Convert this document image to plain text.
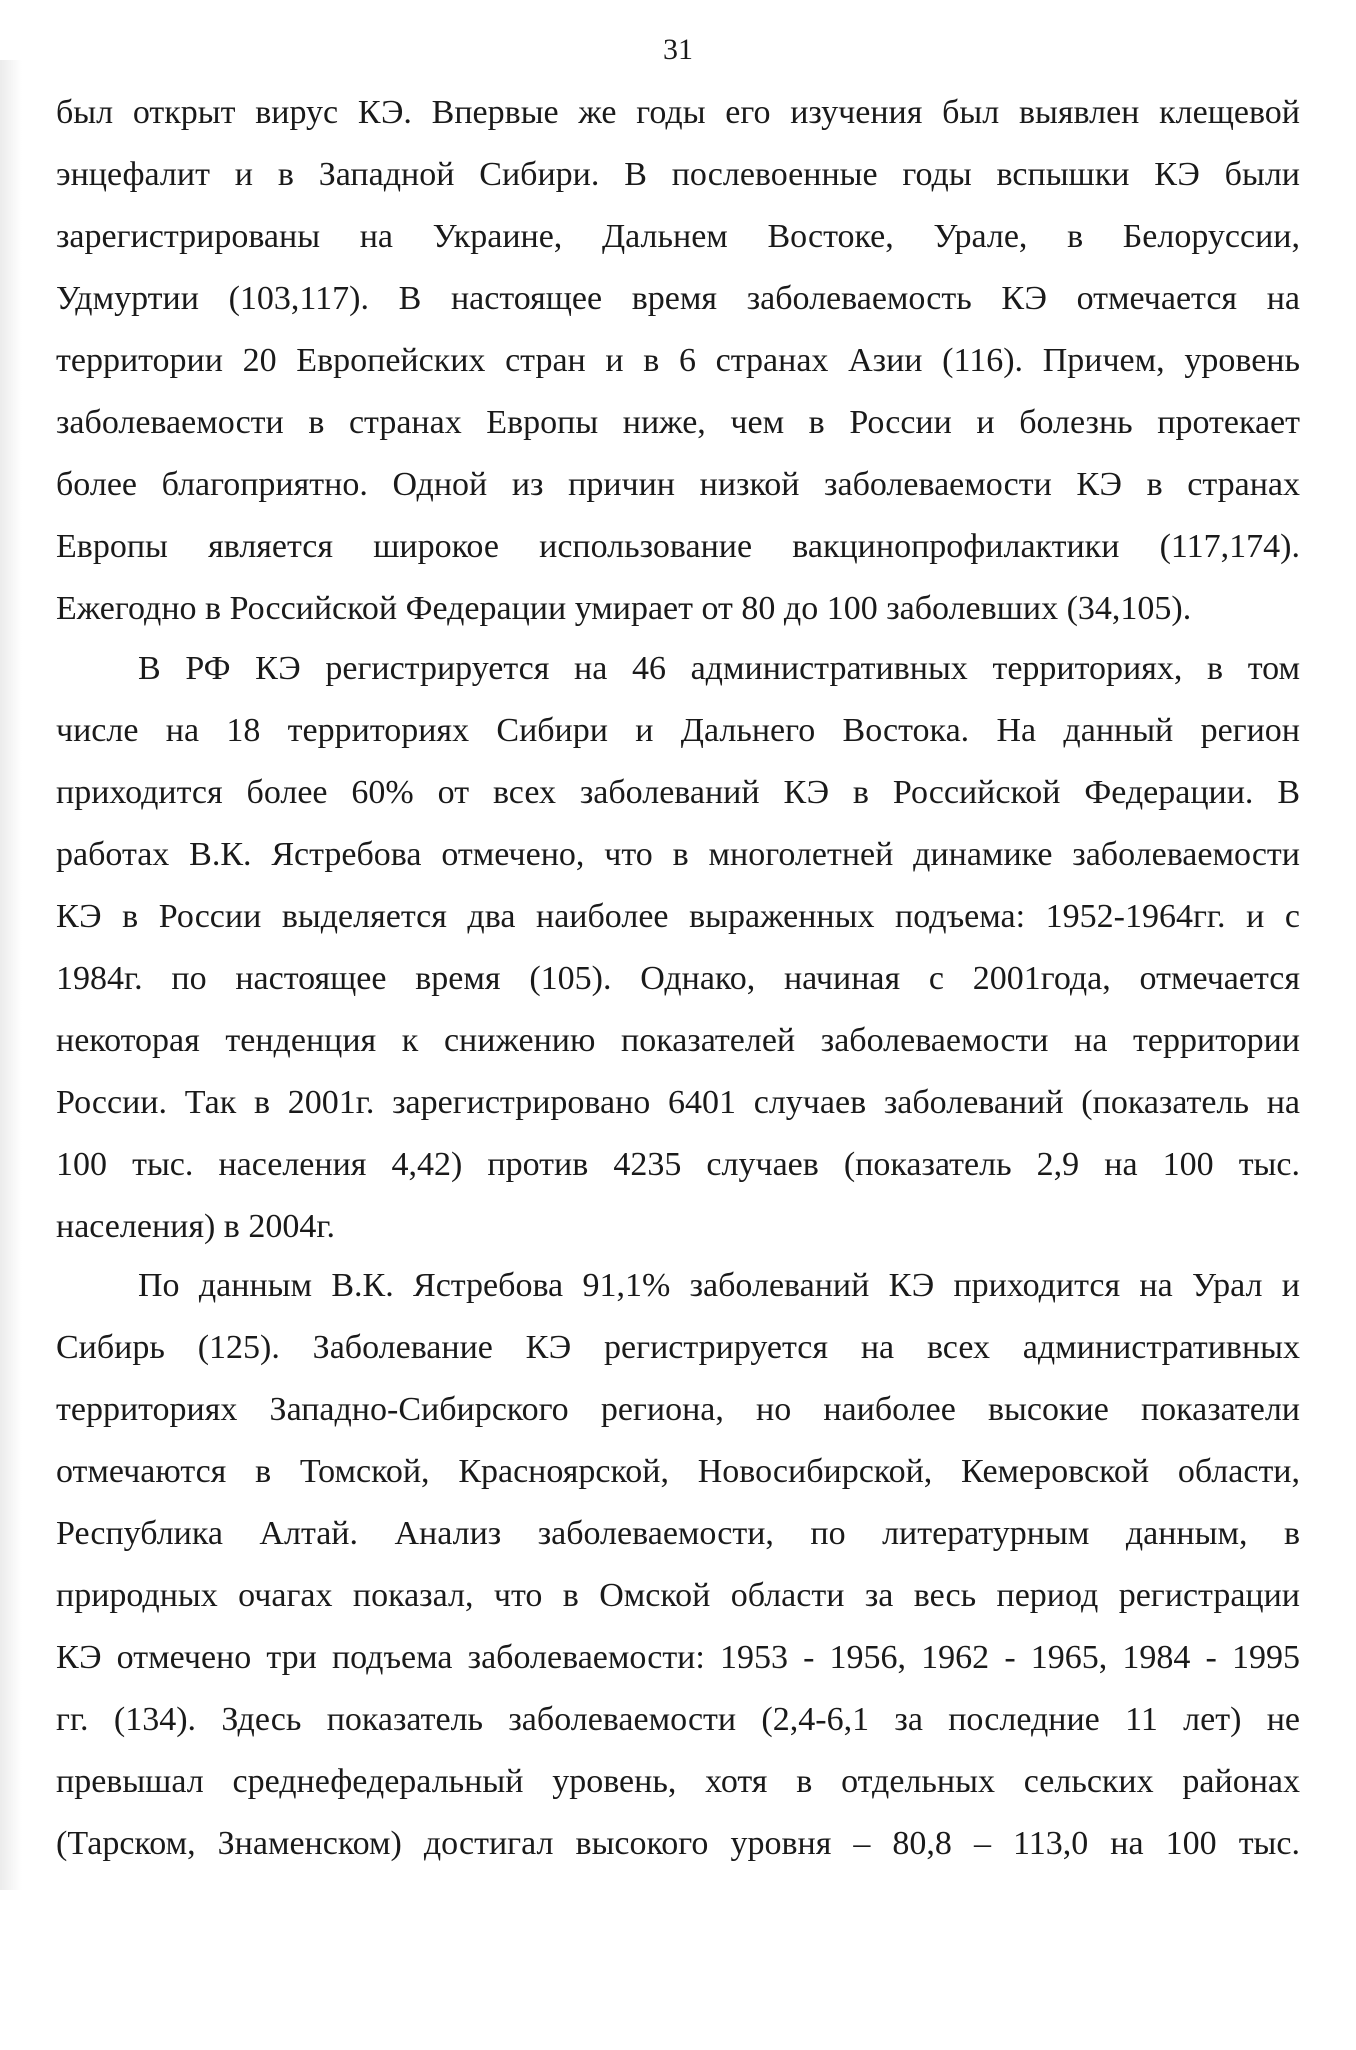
31
был открыт вирус КЭ. Впервые же годы его изучения был выявлен клещевой
энцефалит и в Западной Сибири. В послевоенные годы вспышки КЭ были
зарегистрированы на Украине, Дальнем Востоке, Урале, в Белоруссии,
Удмуртии (103,117). В настоящее время заболеваемость КЭ отмечается на
территории 20 Европейских стран и в 6 странах Азии (116). Причем, уровень
заболеваемости в странах Европы ниже, чем в России и болезнь протекает
более благоприятно. Одной из причин низкой заболеваемости КЭ в странах
Европы является широкое использование вакцинопрофилактики (117,174).
Ежегодно в Российской Федерации умирает от 80 до 100 заболевших (34,105).
В РФ КЭ регистрируется на 46 административных территориях, в том
числе на 18 территориях Сибири и Дальнего Востока. На данный регион
приходится более 60% от всех заболеваний КЭ в Российской Федерации. В
работах В.К. Ястребова отмечено, что в многолетней динамике заболеваемости
КЭ в России выделяется два наиболее выраженных подъема: 1952-1964гг. и с
1984г. по настоящее время (105). Однако, начиная с 2001года, отмечается
некоторая тенденция к снижению показателей заболеваемости на территории
России. Так в 2001г. зарегистрировано 6401 случаев заболеваний (показатель на
100 тыс. населения 4,42) против 4235 случаев (показатель 2,9 на 100 тыс.
населения) в 2004г.
По данным В.К. Ястребова 91,1% заболеваний КЭ приходится на Урал и
Сибирь (125). Заболевание КЭ регистрируется на всех административных
территориях Западно-Сибирского региона, но наиболее высокие показатели
отмечаются в Томской, Красноярской, Новосибирской, Кемеровской области,
Республика Алтай. Анализ заболеваемости, по литературным данным, в
природных очагах показал, что в Омской области за весь период регистрации
КЭ отмечено три подъема заболеваемости: 1953 - 1956, 1962 - 1965, 1984 - 1995
гг. (134). Здесь показатель заболеваемости (2,4-6,1 за последние 11 лет) не
превышал среднефедеральный уровень, хотя в отдельных сельских районах
(Тарском, Знаменском) достигал высокого уровня – 80,8 – 113,0 на 100 тыс.
